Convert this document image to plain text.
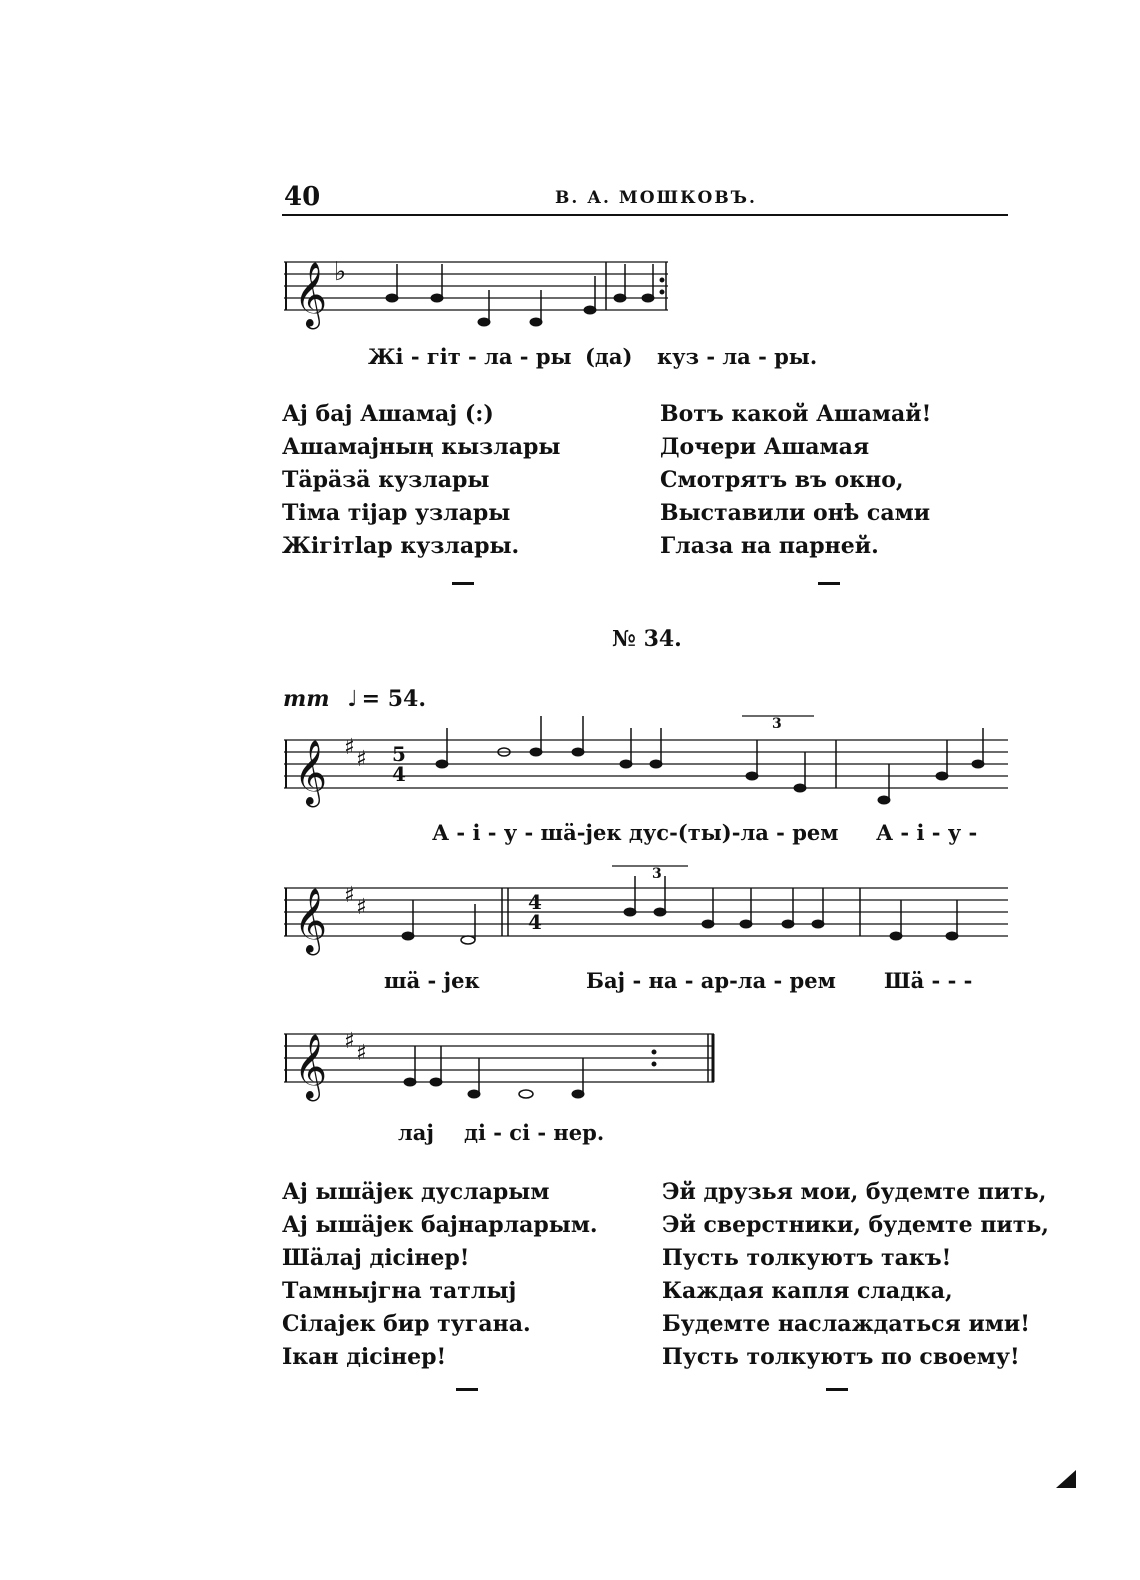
40	В. А. МОШКОВЪ.
𝄞 ♭
𝄞 ♯ ♯
𝄞 ♯ ♯
𝄞 ♯ ♯
5
4
4
4
3
3
Жі - гіт - ла - ры (да) куз - ла - ры.
Аj баj Ашамаj (:)
Ашамаjның кызлары
Тäрäзä кузлары
Тіма тіjар узлары
Жігітlар кузлары.
Вотъ какой Ашамай!
Дочери Ашамая
Смотрятъ въ окно,
Выставили онѣ сами
Глаза на парней.
№ 34.
mm ♩ = 54.
А - і - у - шä-jек дус-(ты)-ла - рем А - і - у -
шä - jек	Баj - на - ар-ла - рем Шä - - -
лаj ді - сі - нер.
Аj ышäjек дусларым
Аj ышäjек баjнарларым.
Шäлаj дісінер!
Тамныjгна татлыj
Сілаjек бир тугана.
Ікан дісінер!
Эй друзья мои, будемте пить,
Эй сверстники, будемте пить,
Пусть толкуютъ такъ!
Каждая капля сладка,
Будемте наслаждаться ими!
Пусть толкуютъ по своему!
